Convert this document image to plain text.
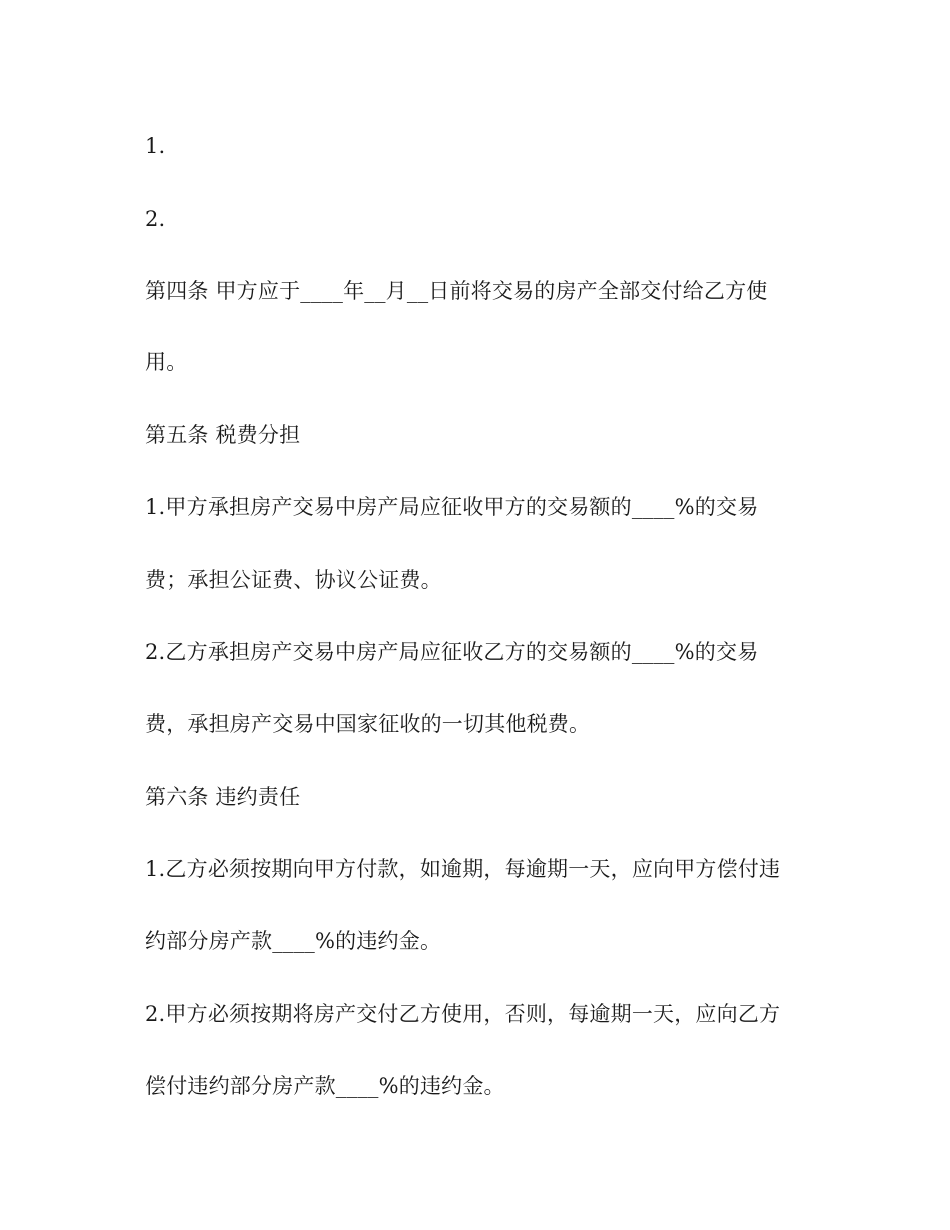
1.
2.
第四条 甲方应于____年__月__日前将交易的房产全部交付给乙方使
用。
第五条 税费分担
1.甲方承担房产交易中房产局应征收甲方的交易额的____%的交易
费；承担公证费、协议公证费。
2.乙方承担房产交易中房产局应征收乙方的交易额的____%的交易
费，承担房产交易中国家征收的一切其他税费。
第六条 违约责任
1.乙方必须按期向甲方付款，如逾期，每逾期一天，应向甲方偿付违
约部分房产款____%的违约金。
2.甲方必须按期将房产交付乙方使用，否则，每逾期一天，应向乙方
偿付违约部分房产款____%的违约金。
